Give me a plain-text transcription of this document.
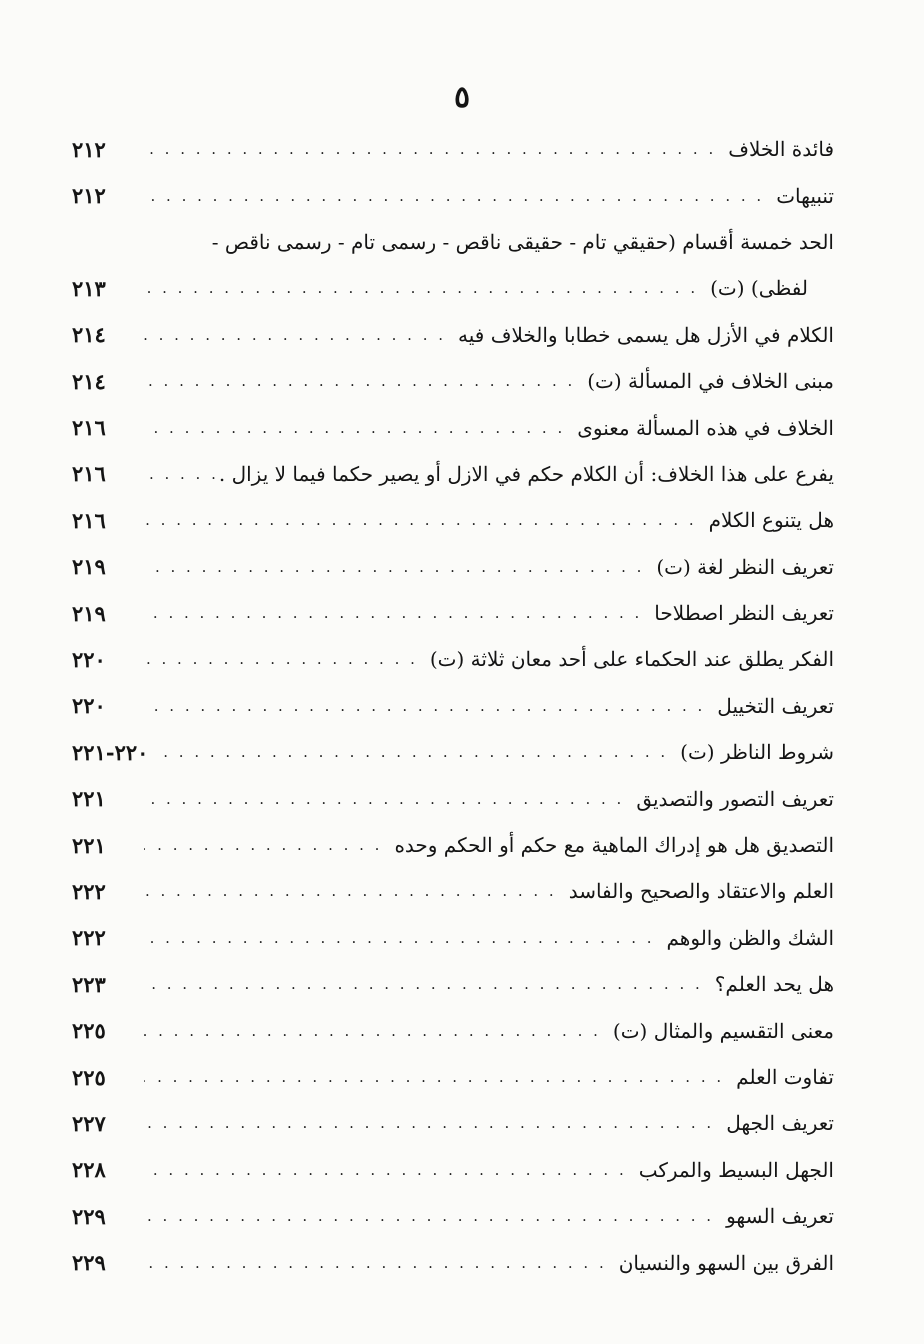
٥
فائدة الخلاف
. . .
٢١٢
تنبيهات
. . .
٢١٢
الحد خمسة أقسام (حقيقي تام - حقيقى ناقص - رسمى تام - رسمى ناقص -
لفظى) (ت)
. . .
٢١٣
الكلام في الأزل هل يسمى خطابا والخلاف فيه
. . .
٢١٤
مبنى الخلاف في المسألة (ت)
. . .
٢١٤
الخلاف في هذه المسألة معنوى
. . .
٢١٦
يفرع على هذا الخلاف: أن الكلام حكم في الازل أو يصير حكما فيما لا يزال .
. . .
٢١٦
هل يتنوع الكلام
. . .
٢١٦
تعريف النظر لغة (ت)
. . .
٢١٩
تعريف النظر اصطلاحا
. . .
٢١٩
الفكر يطلق عند الحكماء على أحد معان ثلاثة (ت)
. . .
٢٢٠
تعريف التخييل
. . .
٢٢٠
شروط الناظر (ت)
. . .
٢٢٠-٢٢١
تعريف التصور والتصديق
. . .
٢٢١
التصديق هل هو إدراك الماهية مع حكم أو الحكم وحده
. . .
٢٢١
العلم والاعتقاد والصحيح والفاسد
. . .
٢٢٢
الشك والظن والوهم
. . .
٢٢٢
هل يحد العلم؟
. . .
٢٢٣
معنى التقسيم والمثال (ت)
. . .
٢٢٥
تفاوت العلم
. . .
٢٢٥
تعريف الجهل
. . .
٢٢٧
الجهل البسيط والمركب
. . .
٢٢٨
تعريف السهو
. . .
٢٢٩
الفرق بين السهو والنسيان
. . .
٢٢٩
